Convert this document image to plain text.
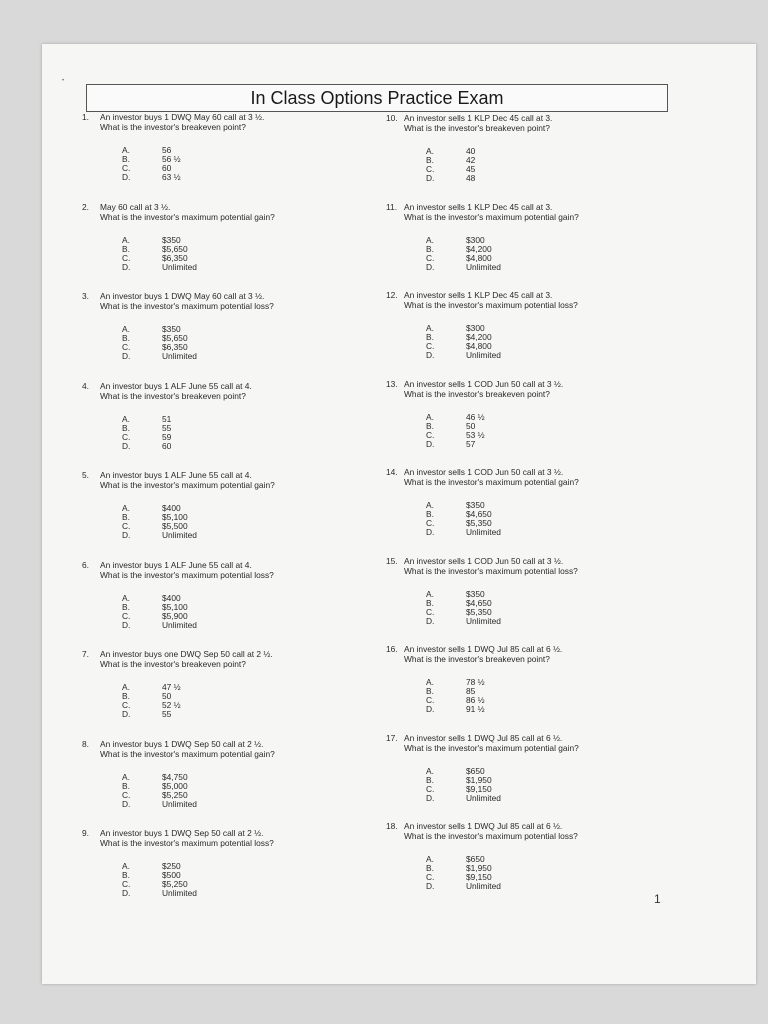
•
In Class Options Practice Exam
1.	An investor buys 1 DWQ May 60 call at 3 ½.
What is the investor's breakeven point?
A.	56
B.	56 ½
C.	60
D.	63 ½
2.	May 60 call at 3 ½.
What is the investor's maximum potential gain?
A.	$350
B.	$5,650
C.	$6,350
D.	Unlimited
3.	An investor buys 1 DWQ May 60 call at 3 ½.
What is the investor's maximum potential loss?
A.	$350
B.	$5,650
C.	$6,350
D.	Unlimited
4.	An investor buys 1 ALF June 55 call at 4.
What is the investor's breakeven point?
A.	51
B.	55
C.	59
D.	60
5.	An investor buys 1 ALF June 55 call at 4.
What is the investor's maximum potential gain?
A.	$400
B.	$5,100
C.	$5,500
D.	Unlimited
6.	An investor buys 1 ALF June 55 call at 4.
What is the investor's maximum potential loss?
A.	$400
B.	$5,100
C.	$5,900
D.	Unlimited
7.	An investor buys one DWQ Sep 50 call at 2 ½.
What is the investor's breakeven point?
A.	47 ½
B.	50
C.	52 ½
D.	55
8.	An investor buys 1 DWQ Sep 50 call at 2 ½.
What is the investor's maximum potential gain?
A.	$4,750
B.	$5,000
C.	$5,250
D.	Unlimited
9.	An investor buys 1 DWQ Sep 50 call at 2 ½.
What is the investor's maximum potential loss?
A.	$250
B.	$500
C.	$5,250
D.	Unlimited
10. An investor sells 1 KLP Dec 45 call at 3.
What is the investor's breakeven point?
A.	40
B.	42
C.	45
D.	48
11. An investor sells 1 KLP Dec 45 call at 3.
What is the investor's maximum potential gain?
A.	$300
B.	$4,200
C.	$4,800
D.	Unlimited
12. An investor sells 1 KLP Dec 45 call at 3.
What is the investor's maximum potential loss?
A.	$300
B.	$4,200
C.	$4,800
D.	Unlimited
13. An investor sells 1 COD Jun 50 call at 3 ½.
What is the investor's breakeven point?
A.	46 ½
B.	50
C.	53 ½
D.	57
14. An investor sells 1 COD Jun 50 call at 3 ½.
What is the investor's maximum potential gain?
A.	$350
B.	$4,650
C.	$5,350
D.	Unlimited
15. An investor sells 1 COD Jun 50 call at 3 ½.
What is the investor's maximum potential loss?
A.	$350
B.	$4,650
C.	$5,350
D.	Unlimited
16. An investor sells 1 DWQ Jul 85 call at 6 ½.
What is the investor's breakeven point?
A.	78 ½
B.	85
C.	86 ½
D.	91 ½
17. An investor sells 1 DWQ Jul 85 call at 6 ½.
What is the investor's maximum potential gain?
A.	$650
B.	$1,950
C.	$9,150
D.	Unlimited
18. An investor sells 1 DWQ Jul 85 call at 6 ½.
What is the investor's maximum potential loss?
A.	$650
B.	$1,950
C.	$9,150
D.	Unlimited
1
